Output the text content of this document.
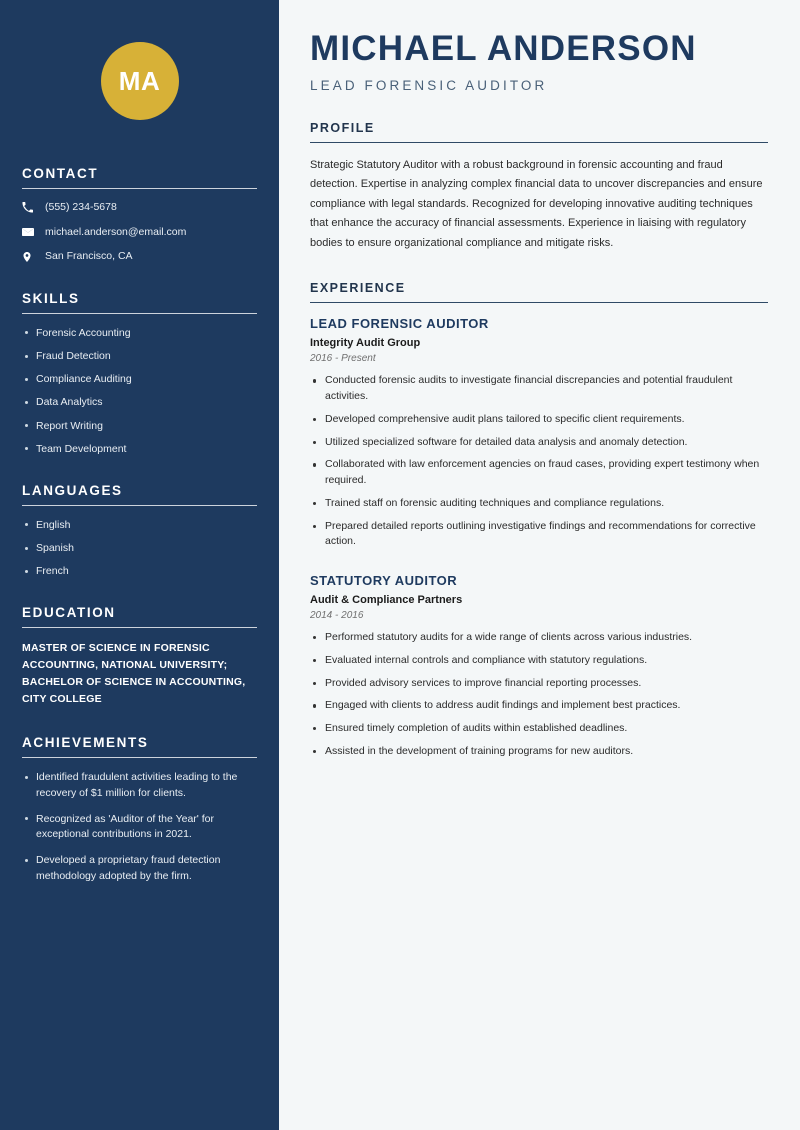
MA
CONTACT
(555) 234-5678
michael.anderson@email.com
San Francisco, CA
SKILLS
Forensic Accounting
Fraud Detection
Compliance Auditing
Data Analytics
Report Writing
Team Development
LANGUAGES
English
Spanish
French
EDUCATION
MASTER OF SCIENCE IN FORENSIC ACCOUNTING, NATIONAL UNIVERSITY; BACHELOR OF SCIENCE IN ACCOUNTING, CITY COLLEGE
ACHIEVEMENTS
Identified fraudulent activities leading to the recovery of $1 million for clients.
Recognized as 'Auditor of the Year' for exceptional contributions in 2021.
Developed a proprietary fraud detection methodology adopted by the firm.
MICHAEL ANDERSON
LEAD FORENSIC AUDITOR
PROFILE

Strategic Statutory Auditor with a robust background in forensic accounting and fraud detection. Expertise in analyzing complex financial data to uncover discrepancies and ensure compliance with legal standards. Recognized for developing innovative auditing techniques that enhance the accuracy of financial assessments. Experience in liaising with regulatory bodies to ensure organizational compliance and mitigate risks.

EXPERIENCE
LEAD FORENSIC AUDITOR
Integrity Audit Group
2016 - Present
Conducted forensic audits to investigate financial discrepancies and potential fraudulent activities.
Developed comprehensive audit plans tailored to specific client requirements.
Utilized specialized software for detailed data analysis and anomaly detection.
Collaborated with law enforcement agencies on fraud cases, providing expert testimony when required.
Trained staff on forensic auditing techniques and compliance regulations.
Prepared detailed reports outlining investigative findings and recommendations for corrective action.
STATUTORY AUDITOR
Audit & Compliance Partners
2014 - 2016
Performed statutory audits for a wide range of clients across various industries.
Evaluated internal controls and compliance with statutory regulations.
Provided advisory services to improve financial reporting processes.
Engaged with clients to address audit findings and implement best practices.
Ensured timely completion of audits within established deadlines.
Assisted in the development of training programs for new auditors.
